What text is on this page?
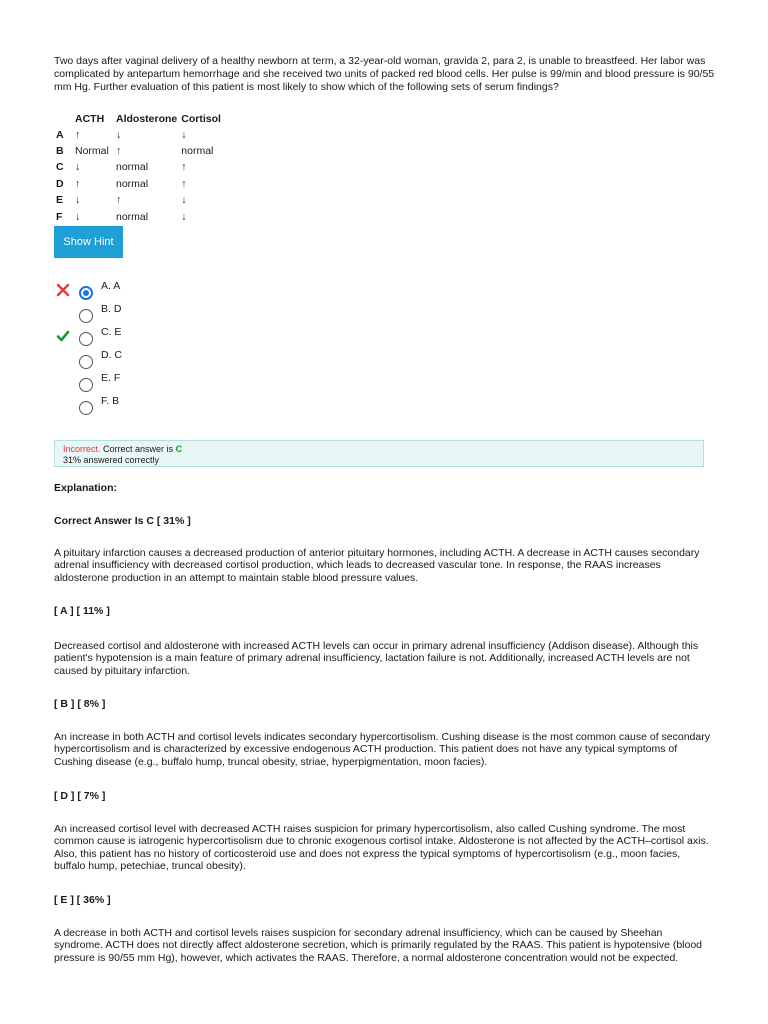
Two days after vaginal delivery of a healthy newborn at term, a 32-year-old woman, gravida 2, para 2, is unable to breastfeed. Her labor was complicated by antepartum hemorrhage and she received two units of packed red blood cells. Her pulse is 99/min and blood pressure is 90/55 mm Hg. Further evaluation of this patient is most likely to show which of the following sets of serum findings?

	ACTH	Aldosterone	Cortisol
A	↑	↓	↓
B	Normal	↑	normal
C	↓	normal	↑
D	↑	normal	↑
E	↓	↑	↓
F	↓	normal	↓
Show Hint
A. A
B. D
C. E
D. C
E. F
F. B
Incorrect. Correct answer is C
31% answered correctly
Explanation:
Correct Answer Is C [ 31% ]
A pituitary infarction causes a decreased production of anterior pituitary hormones, including ACTH. A decrease in ACTH causes secondary adrenal insufficiency with decreased cortisol production, which leads to decreased vascular tone. In response, the RAAS increases aldosterone production in an attempt to maintain stable blood pressure values.
[ A ] [ 11% ]
Decreased cortisol and aldosterone with increased ACTH levels can occur in primary adrenal insufficiency (Addison disease). Although this patient's hypotension is a main feature of primary adrenal insufficiency, lactation failure is not. Additionally, increased ACTH levels are not caused by pituitary infarction.
[ B ] [ 8% ]
An increase in both ACTH and cortisol levels indicates secondary hypercortisolism. Cushing disease is the most common cause of secondary hypercortisolism and is characterized by excessive endogenous ACTH production. This patient does not have any typical symptoms of Cushing disease (e.g., buffalo hump, truncal obesity, striae, hyperpigmentation, moon facies).
[ D ] [ 7% ]
An increased cortisol level with decreased ACTH raises suspicion for primary hypercortisolism, also called Cushing syndrome. The most common cause is iatrogenic hypercortisolism due to chronic exogenous cortisol intake. Aldosterone is not affected by the ACTH–cortisol axis. Also, this patient has no history of corticosteroid use and does not express the typical symptoms of hypercortisolism (e.g., moon facies, buffalo hump, petechiae, truncal obesity).
[ E ] [ 36% ]
A decrease in both ACTH and cortisol levels raises suspicion for secondary adrenal insufficiency, which can be caused by Sheehan syndrome. ACTH does not directly affect aldosterone secretion, which is primarily regulated by the RAAS. This patient is hypotensive (blood pressure is 90/55 mm Hg), however, which activates the RAAS. Therefore, a normal aldosterone concentration would not be expected.
